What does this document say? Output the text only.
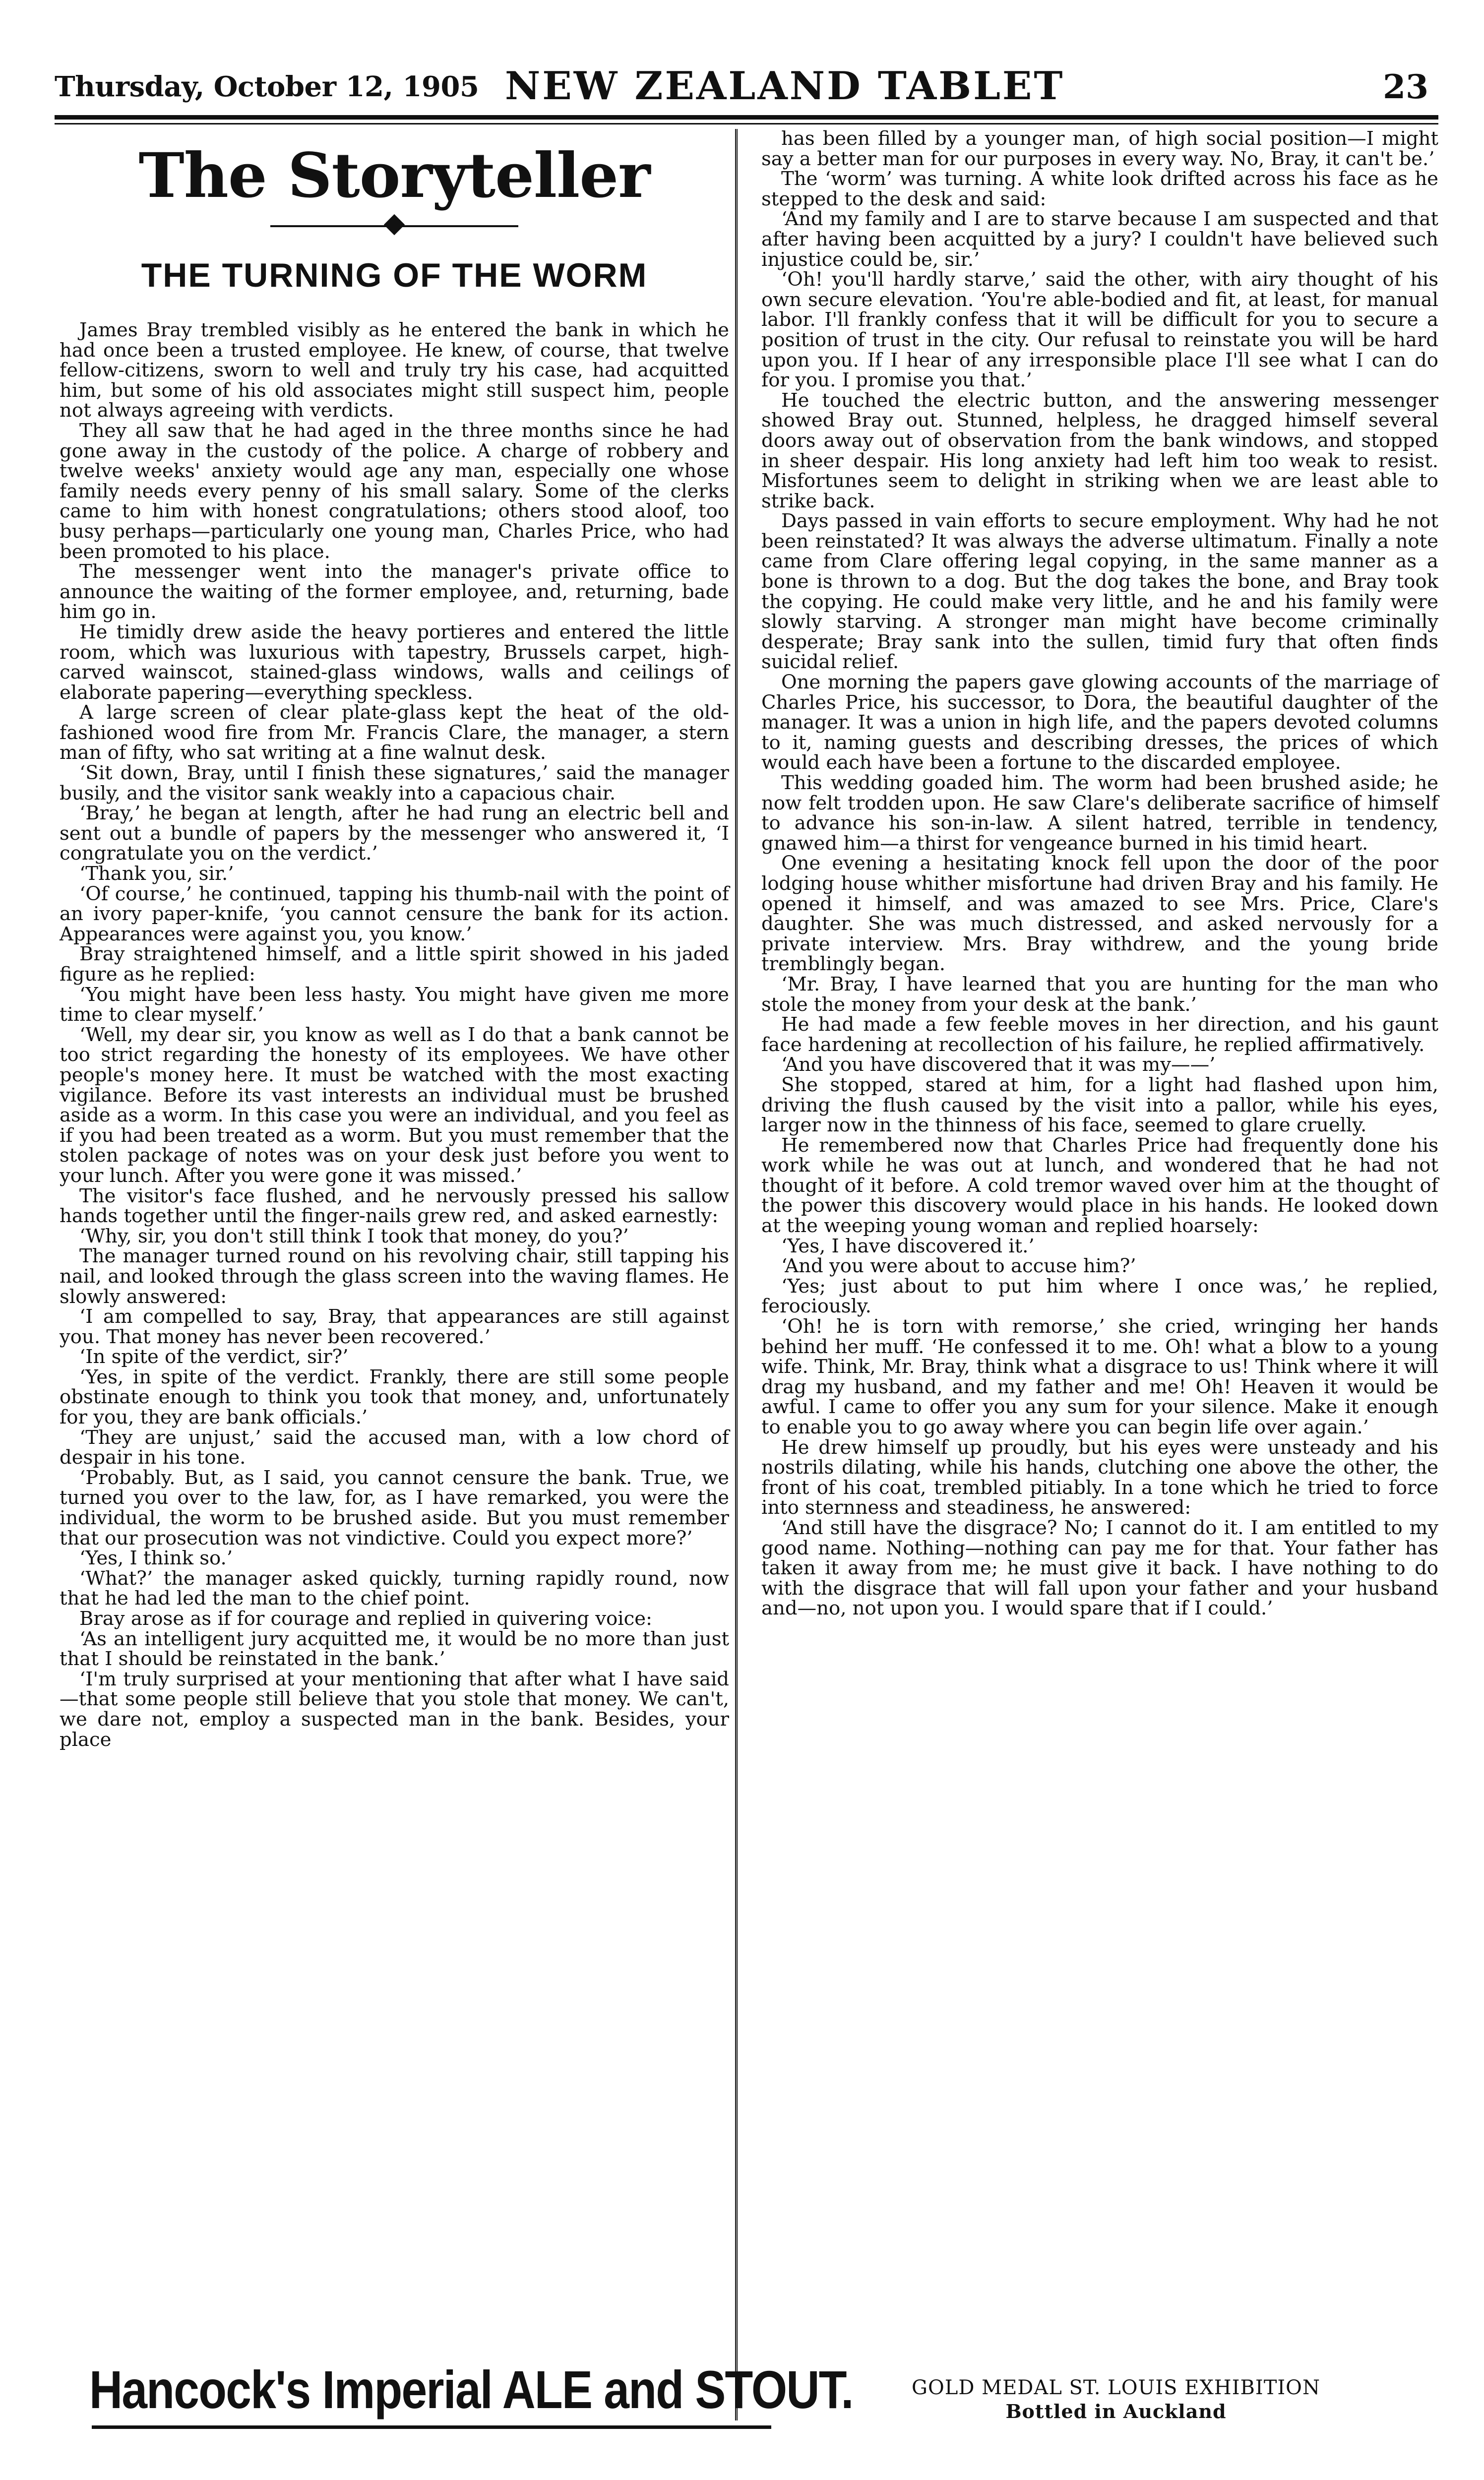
Thursday, October 12, 1905 NEW ZEALAND TABLET	23
The Storyteller
THE TURNING OF THE WORM

James Bray trembled visibly as he entered the bank in which he had once been a trusted employee. He knew, of course, that twelve fellow-citizens, sworn to well and truly try his case, had acquitted him, but some of his old associates might still suspect him, people not always agreeing with verdicts.

They all saw that he had aged in the three months since he had gone away in the custody of the police. A charge of robbery and twelve weeks' anxiety would age any man, especially one whose family needs every penny of his small salary. Some of the clerks came to him with honest congratulations; others stood aloof, too busy perhaps—particularly one young man, Charles Price, who had been promoted to his place.

The messenger went into the manager's private office to announce the waiting of the former employee, and, returning, bade him go in.

He timidly drew aside the heavy portieres and entered the little room, which was luxurious with tapestry, Brussels carpet, high-carved wainscot, stained-glass windows, walls and ceilings of elaborate papering—everything speckless.

A large screen of clear plate-glass kept the heat of the old-fashioned wood fire from Mr. Francis Clare, the manager, a stern man of fifty, who sat writing at a fine walnut desk.

‘Sit down, Bray, until I finish these signatures,’ said the manager busily, and the visitor sank weakly into a capacious chair.

‘Bray,’ he began at length, after he had rung an electric bell and sent out a bundle of papers by the messenger who answered it, ‘I congratulate you on the verdict.’

‘Thank you, sir.’

‘Of course,’ he continued, tapping his thumb-nail with the point of an ivory paper-knife, ‘you cannot censure the bank for its action. Appearances were against you, you know.’

Bray straightened himself, and a little spirit showed in his jaded figure as he replied:

‘You might have been less hasty. You might have given me more time to clear myself.’

‘Well, my dear sir, you know as well as I do that a bank cannot be too strict regarding the honesty of its employees. We have other people's money here. It must be watched with the most exacting vigilance. Before its vast interests an individual must be brushed aside as a worm. In this case you were an individual, and you feel as if you had been treated as a worm. But you must remember that the stolen package of notes was on your desk just before you went to your lunch. After you were gone it was missed.’

The visitor's face flushed, and he nervously pressed his sallow hands together until the finger-nails grew red, and asked earnestly:

‘Why, sir, you don't still think I took that money, do you?’

The manager turned round on his revolving chair, still tapping his nail, and looked through the glass screen into the waving flames. He slowly answered:

‘I am compelled to say, Bray, that appearances are still against you. That money has never been recovered.’

‘In spite of the verdict, sir?’

‘Yes, in spite of the verdict. Frankly, there are still some people obstinate enough to think you took that money, and, unfortunately for you, they are bank officials.’

‘They are unjust,’ said the accused man, with a low chord of despair in his tone.

‘Probably. But, as I said, you cannot censure the bank. True, we turned you over to the law, for, as I have remarked, you were the individual, the worm to be brushed aside. But you must remember that our prosecution was not vindictive. Could you expect more?’

‘Yes, I think so.’

‘What?’ the manager asked quickly, turning rapidly round, now that he had led the man to the chief point.

Bray arose as if for courage and replied in quivering voice:

‘As an intelligent jury acquitted me, it would be no more than just that I should be reinstated in the bank.’

‘I'm truly surprised at your mentioning that after what I have said—that some people still believe that you stole that money. We can't, we dare not, employ a suspected man in the bank. Besides, your place

has been filled by a younger man, of high social position—I might say a better man for our purposes in every way. No, Bray, it can't be.’

The ‘worm’ was turning. A white look drifted across his face as he stepped to the desk and said:

‘And my family and I are to starve because I am suspected and that after having been acquitted by a jury? I couldn't have believed such injustice could be, sir.’

‘Oh! you'll hardly starve,’ said the other, with airy thought of his own secure elevation. ‘You're able-bodied and fit, at least, for manual labor. I'll frankly confess that it will be difficult for you to secure a position of trust in the city. Our refusal to reinstate you will be hard upon you. If I hear of any irresponsible place I'll see what I can do for you. I promise you that.’

He touched the electric button, and the answering messenger showed Bray out. Stunned, helpless, he dragged himself several doors away out of observation from the bank windows, and stopped in sheer despair. His long anxiety had left him too weak to resist. Misfortunes seem to delight in striking when we are least able to strike back.

Days passed in vain efforts to secure employment. Why had he not been reinstated? It was always the adverse ultimatum. Finally a note came from Clare offering legal copying, in the same manner as a bone is thrown to a dog. But the dog takes the bone, and Bray took the copying. He could make very little, and he and his family were slowly starving. A stronger man might have become criminally desperate; Bray sank into the sullen, timid fury that often finds suicidal relief.

One morning the papers gave glowing accounts of the marriage of Charles Price, his successor, to Dora, the beautiful daughter of the manager. It was a union in high life, and the papers devoted columns to it, naming guests and describing dresses, the prices of which would each have been a fortune to the discarded employee.

This wedding goaded him. The worm had been brushed aside; he now felt trodden upon. He saw Clare's deliberate sacrifice of himself to advance his son-in-law. A silent hatred, terrible in tendency, gnawed him—a thirst for vengeance burned in his timid heart.

One evening a hesitating knock fell upon the door of the poor lodging house whither misfortune had driven Bray and his family. He opened it himself, and was amazed to see Mrs. Price, Clare's daughter. She was much distressed, and asked nervously for a private interview. Mrs. Bray withdrew, and the young bride tremblingly began.

‘Mr. Bray, I have learned that you are hunting for the man who stole the money from your desk at the bank.’

He had made a few feeble moves in her direction, and his gaunt face hardening at recollection of his failure, he replied affirmatively.

‘And you have discovered that it was my——’

She stopped, stared at him, for a light had flashed upon him, driving the flush caused by the visit into a pallor, while his eyes, larger now in the thinness of his face, seemed to glare cruelly.

He remembered now that Charles Price had frequently done his work while he was out at lunch, and wondered that he had not thought of it before. A cold tremor waved over him at the thought of the power this discovery would place in his hands. He looked down at the weeping young woman and replied hoarsely:

‘Yes, I have discovered it.’

‘And you were about to accuse him?’

‘Yes; just about to put him where I once was,’ he replied, ferociously.

‘Oh! he is torn with remorse,’ she cried, wringing her hands behind her muff. ‘He confessed it to me. Oh! what a blow to a young wife. Think, Mr. Bray, think what a disgrace to us! Think where it will drag my husband, and my father and me! Oh! Heaven it would be awful. I came to offer you any sum for your silence. Make it enough to enable you to go away where you can begin life over again.’

He drew himself up proudly, but his eyes were unsteady and his nostrils dilating, while his hands, clutching one above the other, the front of his coat, trembled pitiably. In a tone which he tried to force into sternness and steadiness, he answered:

‘And still have the disgrace? No; I cannot do it. I am entitled to my good name. Nothing—nothing can pay me for that. Your father has taken it away from me; he must give it back. I have nothing to do with the disgrace that will fall upon your father and your husband and—no, not upon you. I would spare that if I could.’

Hancock's Imperial ALE and STOUT.	GOLD MEDAL ST. LOUIS EXHIBITION
Bottled in Auckland
